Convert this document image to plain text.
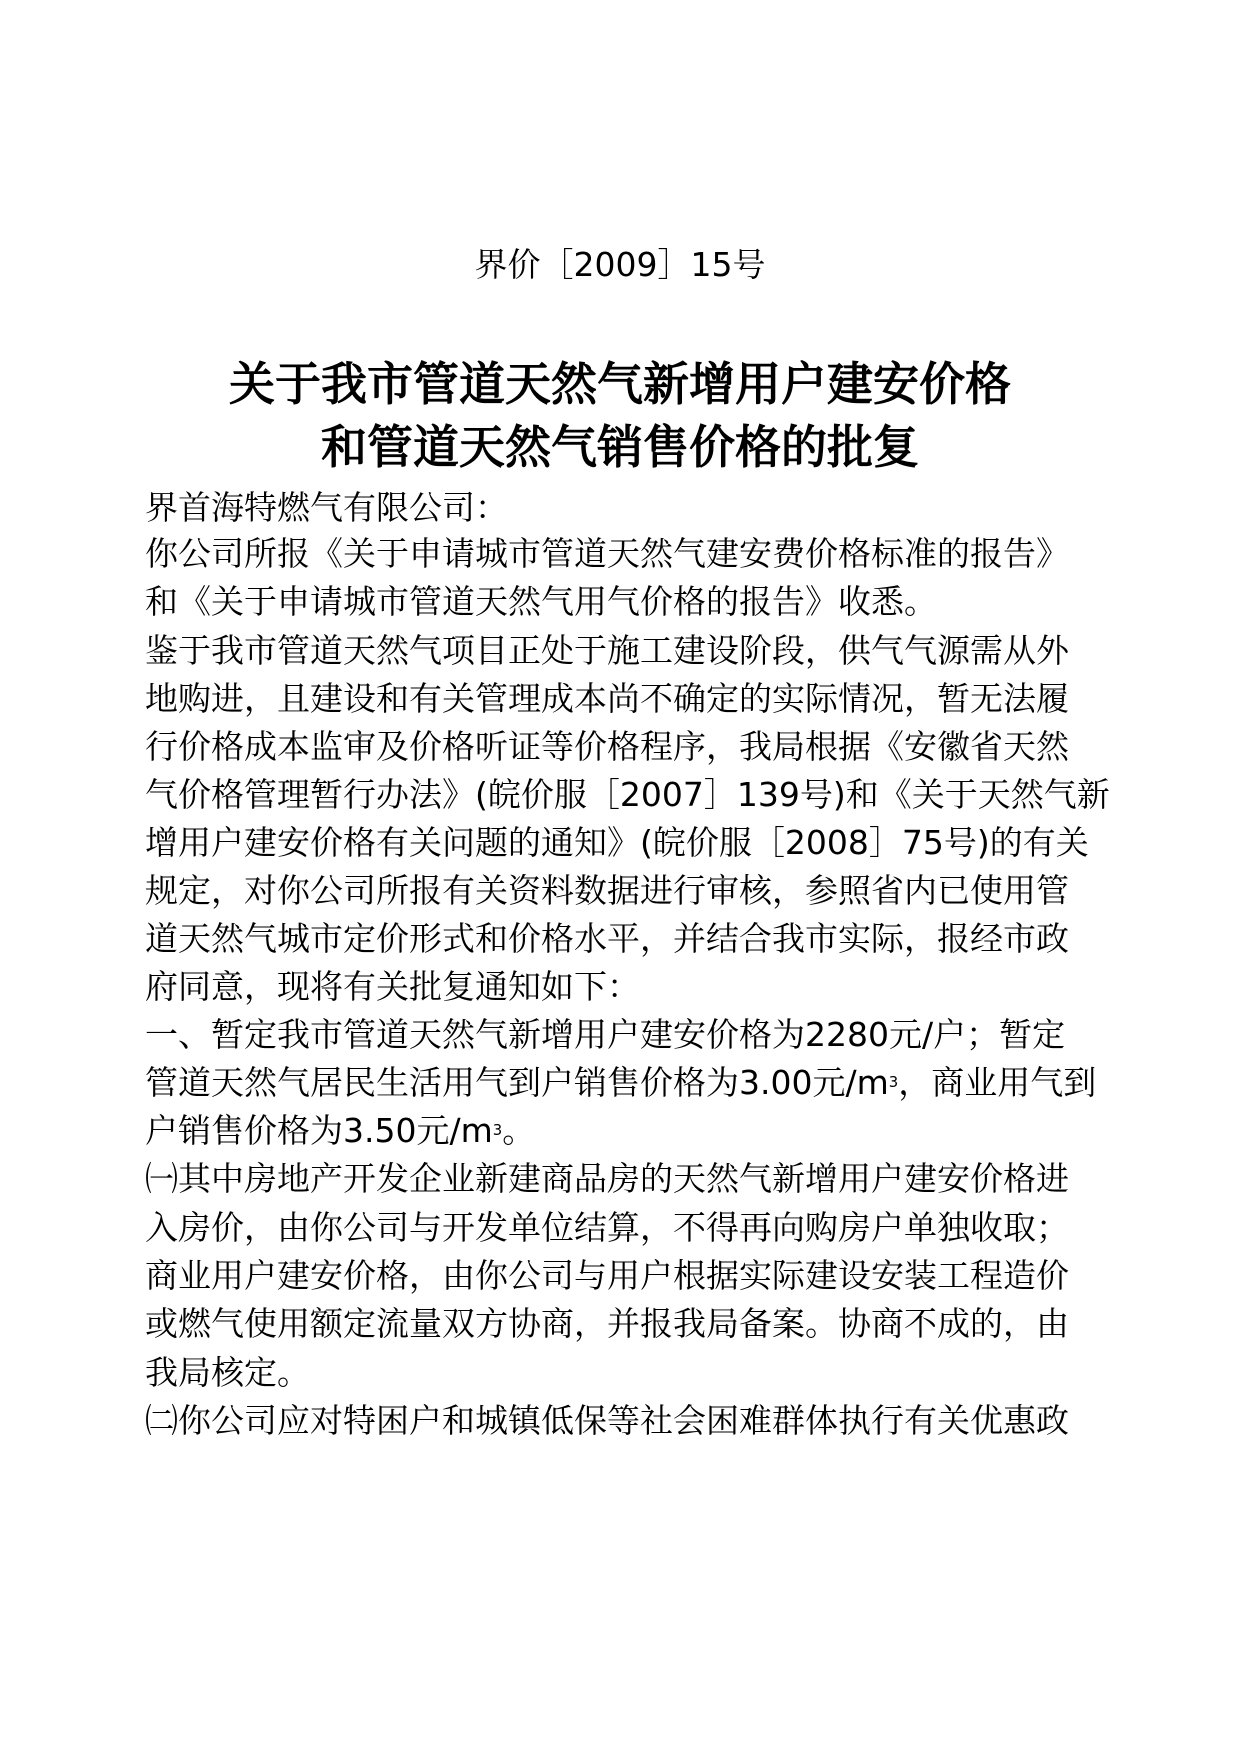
界价［2009］15号
关于我市管道天然气新增用户建安价格
和管道天然气销售价格的批复
界首海特燃气有限公司：
你公司所报《关于申请城市管道天然气建安费价格标准的报告》
和《关于申请城市管道天然气用气价格的报告》收悉。
鉴于我市管道天然气项目正处于施工建设阶段，供气气源需从外
地购进，且建设和有关管理成本尚不确定的实际情况，暂无法履
行价格成本监审及价格听证等价格程序，我局根据《安徽省天然
气价格管理暂行办法》(皖价服［2007］139号)和《关于天然气新
增用户建安价格有关问题的通知》(皖价服［2008］75号)的有关
规定，对你公司所报有关资料数据进行审核，参照省内已使用管
道天然气城市定价形式和价格水平，并结合我市实际，报经市政
府同意，现将有关批复通知如下：
一、暂定我市管道天然气新增用户建安价格为2280元/户；暂定
管道天然气居民生活用气到户销售价格为3.00元$/m^3$，商业用气到
户销售价格为3.50元$/m^3$。
㈠其中房地产开发企业新建商品房的天然气新增用户建安价格进
入房价，由你公司与开发单位结算，不得再向购房户单独收取；
商业用户建安价格，由你公司与用户根据实际建设安装工程造价
或燃气使用额定流量双方协商，并报我局备案。协商不成的，由
我局核定。
㈡你公司应对特困户和城镇低保等社会困难群体执行有关优惠政
